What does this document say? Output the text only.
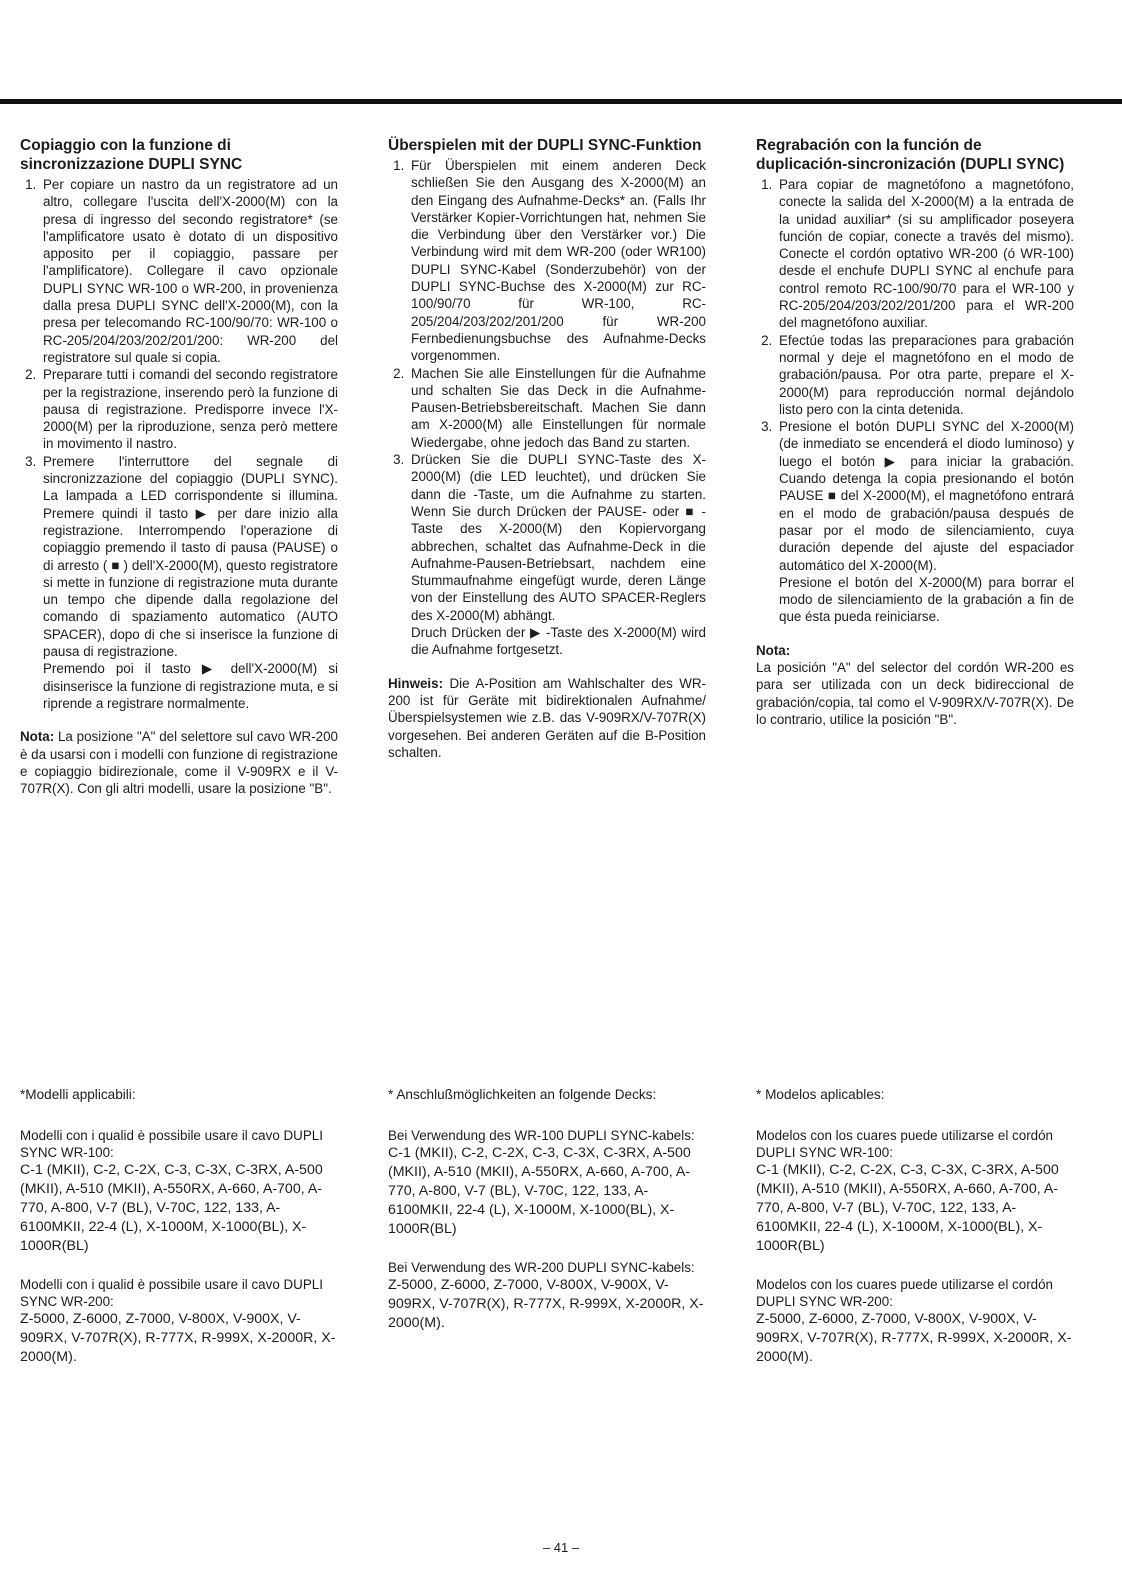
Copiaggio con la funzione di sincronizzazione DUPLI SYNC
1. Per copiare un nastro da un registratore ad un altro, collegare l'uscita dell'X-2000(M) con la presa di ingresso del secondo registratore* (se l'amplificatore usato è dotato di un dispositivo apposito per il copiaggio, passare per l'amplificatore). Collegare il cavo opzionale DUPLI SYNC WR-100 o WR-200, in provenienza dalla presa DUPLI SYNC dell'X-2000(M), con la presa per telecomando RC-100/90/70: WR-100 o RC-205/204/203/202/201/200: WR-200 del registratore sul quale si copia.
2. Preparare tutti i comandi del secondo registratore per la registrazione, inserendo però la funzione di pausa di registrazione. Predisporre invece l'X-2000(M) per la riproduzione, senza però mettere in movimento il nastro.

3. Premere l'interruttore del segnale di sincronizzazione del copiaggio (DUPLI SYNC). La lampada a LED corrispondente si illumina. Premere quindi il tasto ▶ per dare inizio alla registrazione. Interrompendo l'operazione di copiaggio premendo il tasto di pausa (PAUSE) o di arresto ( ■ ) dell'X-2000(M), questo registratore si mette in funzione di registrazione muta durante un tempo che dipende dalla regolazione del comando di spaziamento automatico (AUTO SPACER), dopo di che si inserisce la funzione di pausa di registrazione.

Premendo poi il tasto ▶ dell'X-2000(M) si disinserisce la funzione di registrazione muta, e si riprende a registrare normalmente.

Nota: La posizione "A" del selettore sul cavo WR-200 è da usarsi con i modelli con funzione di registrazione e copiaggio bidirezionale, come il V-909RX e il V-707R(X). Con gli altri modelli, usare la posizione "B".

Überspielen mit der DUPLI SYNC-Funktion
1. Für Überspielen mit einem anderen Deck schließen Sie den Ausgang des X-2000(M) an den Eingang des Aufnahme-Decks* an. (Falls Ihr Verstärker Kopier-Vorrichtungen hat, nehmen Sie die Verbindung über den Verstärker vor.) Die Verbindung wird mit dem WR-200 (oder WR100) DUPLI SYNC-Kabel (Sonderzubehör) von der DUPLI SYNC-Buchse des X-2000(M) zur RC-100/90/70 für WR-100, RC-205/204/203/202/201/200 für WR-200 Fernbedienungsbuchse des Aufnahme-Decks vorgenommen.
2. Machen Sie alle Einstellungen für die Aufnahme und schalten Sie das Deck in die Aufnahme-Pausen-Betriebsbereitschaft. Machen Sie dann am X-2000(M) alle Einstellungen für normale Wiedergabe, ohne jedoch das Band zu starten.

3. Drücken Sie die DUPLI SYNC-Taste des X-2000(M) (die LED leuchtet), und drücken Sie dann die -Taste, um die Aufnahme zu starten. Wenn Sie durch Drücken der PAUSE- oder ■ -Taste des X-2000(M) den Kopiervorgang abbrechen, schaltet das Aufnahme-Deck in die Aufnahme-Pausen-Betriebsart, nachdem eine Stummaufnahme eingefügt wurde, deren Länge von der Einstellung des AUTO SPACER-Reglers des X-2000(M) abhängt.

Druch Drücken der ▶ -Taste des X-2000(M) wird die Aufnahme fortgesetzt.

Hinweis: Die A-Position am Wahlschalter des WR-200 ist für Geräte mit bidirektionalen Aufnahme/Überspielsystemen wie z.B. das V-909RX/V-707R(X) vorgesehen. Bei anderen Geräten auf die B-Position schalten.

Regrabación con la función de duplicación-sincronización (DUPLI SYNC)
1. Para copiar de magnetófono a magnetófono, conecte la salida del X-2000(M) a la entrada de la unidad auxiliar* (si su amplificador poseyera función de copiar, conecte a través del mismo). Conecte el cordón optativo WR-200 (ó WR-100) desde el enchufe DUPLI SYNC al enchufe para control remoto RC-100/90/70 para el WR-100 y RC-205/204/203/202/201/200 para el WR-200 del magnetófono auxiliar.
2. Efectúe todas las preparaciones para grabación normal y deje el magnetófono en el modo de grabación/pausa. Por otra parte, prepare el X-2000(M) para reproducción normal dejándolo listo pero con la cinta detenida.

3. Presione el botón DUPLI SYNC del X-2000(M) (de inmediato se encenderá el diodo luminoso) y luego el botón ▶ para iniciar la grabación. Cuando detenga la copia presionando el botón PAUSE ■ del X-2000(M), el magnetófono entrará en el modo de grabación/pausa después de pasar por el modo de silenciamiento, cuya duración depende del ajuste del espaciador automático del X-2000(M).

Presione el botón del X-2000(M) para borrar el modo de silenciamiento de la grabación a fin de que ésta pueda reiniciarse.

Nota:
La posición "A" del selector del cordón WR-200 es para ser utilizada con un deck bidireccional de grabación/copia, tal como el V-909RX/V-707R(X). De lo contrario, utilice la posición "B".

*Modelli applicabili:
Modelli con i qualid è possibile usare il cavo DUPLI SYNC WR-100:
C-1 (MKII), C-2, C-2X, C-3, C-3X, C-3RX, A-500 (MKII), A-510 (MKII), A-550RX, A-660, A-700, A-770, A-800, V-7 (BL), V-70C, 122, 133, A-6100MKII, 22-4 (L), X-1000M, X-1000(BL), X-1000R(BL)
Modelli con i qualid è possibile usare il cavo DUPLI SYNC WR-200:
Z-5000, Z-6000, Z-7000, V-800X, V-900X, V-909RX, V-707R(X), R-777X, R-999X, X-2000R, X-2000(M).
* Anschlußmöglichkeiten an folgende Decks:
Bei Verwendung des WR-100 DUPLI SYNC-kabels:
C-1 (MKII), C-2, C-2X, C-3, C-3X, C-3RX, A-500 (MKII), A-510 (MKII), A-550RX, A-660, A-700, A-770, A-800, V-7 (BL), V-70C, 122, 133, A-6100MKII, 22-4 (L), X-1000M, X-1000(BL), X-1000R(BL)
Bei Verwendung des WR-200 DUPLI SYNC-kabels:
Z-5000, Z-6000, Z-7000, V-800X, V-900X, V-909RX, V-707R(X), R-777X, R-999X, X-2000R, X-2000(M).
* Modelos aplicables:
Modelos con los cuares puede utilizarse el cordón DUPLI SYNC WR-100:
C-1 (MKII), C-2, C-2X, C-3, C-3X, C-3RX, A-500 (MKII), A-510 (MKII), A-550RX, A-660, A-700, A-770, A-800, V-7 (BL), V-70C, 122, 133, A-6100MKII, 22-4 (L), X-1000M, X-1000(BL), X-1000R(BL)
Modelos con los cuares puede utilizarse el cordón DUPLI SYNC WR-200:
Z-5000, Z-6000, Z-7000, V-800X, V-900X, V-909RX, V-707R(X), R-777X, R-999X, X-2000R, X-2000(M).
– 41 –
